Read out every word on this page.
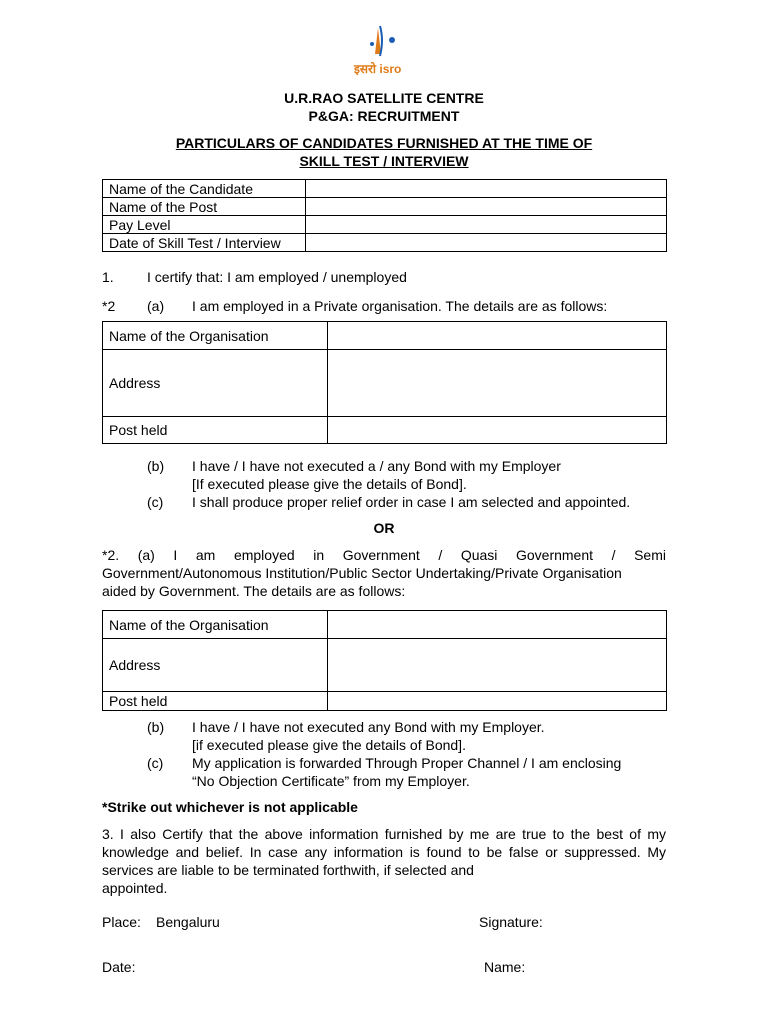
इसरो isro
U.R.RAO SATELLITE CENTRE
P&GA: RECRUITMENT
PARTICULARS OF CANDIDATES FURNISHED AT THE TIME OF
SKILL TEST / INTERVIEW
Name of the Candidate	
Name of the Post	
Pay Level	
Date of Skill Test / Interview	
1. I certify that: I am employed / unemployed
*2 (a) I am employed in a Private organisation. The details are as follows:
Name of the Organisation	
Address	
Post held	
(b) I have / I have not executed a / any Bond with my Employer
[If executed please give the details of Bond].
(c) I shall produce proper relief order in case I am selected and appointed.
OR
*2. (a) I am employed in Government / Quasi Government / Semi Government/Autonomous Institution/Public Sector Undertaking/Private Organisation
aided by Government. The details are as follows:
Name of the Organisation	
Address	
Post held	
(b) I have / I have not executed any Bond with my Employer.
[if executed please give the details of Bond].
(c) My application is forwarded Through Proper Channel / I am enclosing
“No Objection Certificate” from my Employer.
*Strike out whichever is not applicable
3. I also Certify that the above information furnished by me are true to the best of my knowledge and belief. In case any information is found to be false or suppressed. My services are liable to be terminated forthwith, if selected and
appointed.
Place: Bengaluru	Signature:
Date:	Name:
